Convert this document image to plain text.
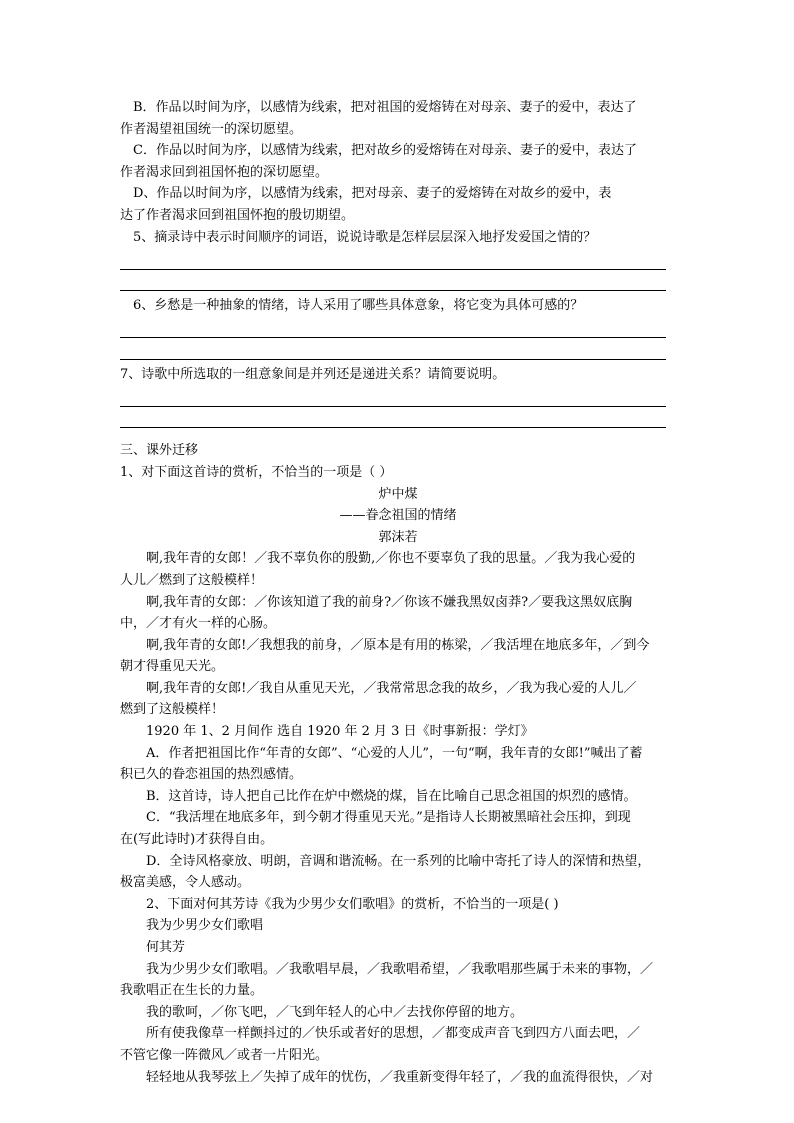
B．作品以时间为序，以感情为线索，把对祖国的爱熔铸在对母亲、妻子的爱中，表达了
作者渴望祖国统一的深切愿望。
C．作品以时间为序，以感情为线索，把对故乡的爱熔铸在对母亲、妻子的爱中，表达了
作者渴求回到祖国怀抱的深切愿望。
D、作品以时间为序，以感情为线索，把对母亲、妻子的爱熔铸在对故乡的爱中，表
达了作者渴求回到祖国怀抱的殷切期望。
5、摘录诗中表示时间顺序的词语，说说诗歌是怎样层层深入地抒发爱国之情的？
6、乡愁是一种抽象的情绪，诗人采用了哪些具体意象，将它变为具体可感的？
7、诗歌中所选取的一组意象间是并列还是递进关系？请简要说明。
三、课外迁移
1、对下面这首诗的赏析，不恰当的一项是（ ）
炉中煤
——眷念祖国的情绪
郭沫若
啊,我年青的女郎！／我不辜负你的殷勤,／你也不要辜负了我的思量。／我为我心爱的
人儿／燃到了这般模样！
啊,我年青的女郎：／你该知道了我的前身?／你该不嫌我黑奴卤莽?／要我这黑奴底胸
中，／才有火一样的心肠。
啊,我年青的女郎!／我想我的前身，／原本是有用的栋梁，／我活埋在地底多年，／到今
朝才得重见天光。
啊,我年青的女郎!／我自从重见天光，／我常常思念我的故乡，／我为我心爱的人儿／
燃到了这般模样！
1920 年 1、2 月间作 选自 1920 年 2 月 3 日《时事新报：学灯》
A．作者把祖国比作“年青的女郎”、“心爱的人儿”，一句“啊，我年青的女郎!”喊出了蓄
积已久的眷恋祖国的热烈感情。
B．这首诗，诗人把自己比作在炉中燃烧的煤，旨在比喻自己思念祖国的炽烈的感情。
C．“我活埋在地底多年，到今朝才得重见天光。”是指诗人长期被黑暗社会压抑，到现
在(写此诗时)才获得自由。
D．全诗风格豪放、明朗，音调和谐流畅。在一系列的比喻中寄托了诗人的深情和热望，
极富美感，令人感动。
2、下面对何其芳诗《我为少男少女们歌唱》的赏析，不恰当的一项是( )
我为少男少女们歌唱
何其芳
我为少男少女们歌唱。／我歌唱早晨，／我歌唱希望，／我歌唱那些属于未来的事物，／
我歌唱正在生长的力量。
我的歌呵，／你飞吧，／飞到年轻人的心中／去找你停留的地方。
所有使我像草一样颤抖过的／快乐或者好的思想，／都变成声音飞到四方八面去吧，／
不管它像一阵微风／或者一片阳光。
轻轻地从我琴弦上／失掉了成年的忧伤，／我重新变得年轻了，／我的血流得很快，／对
